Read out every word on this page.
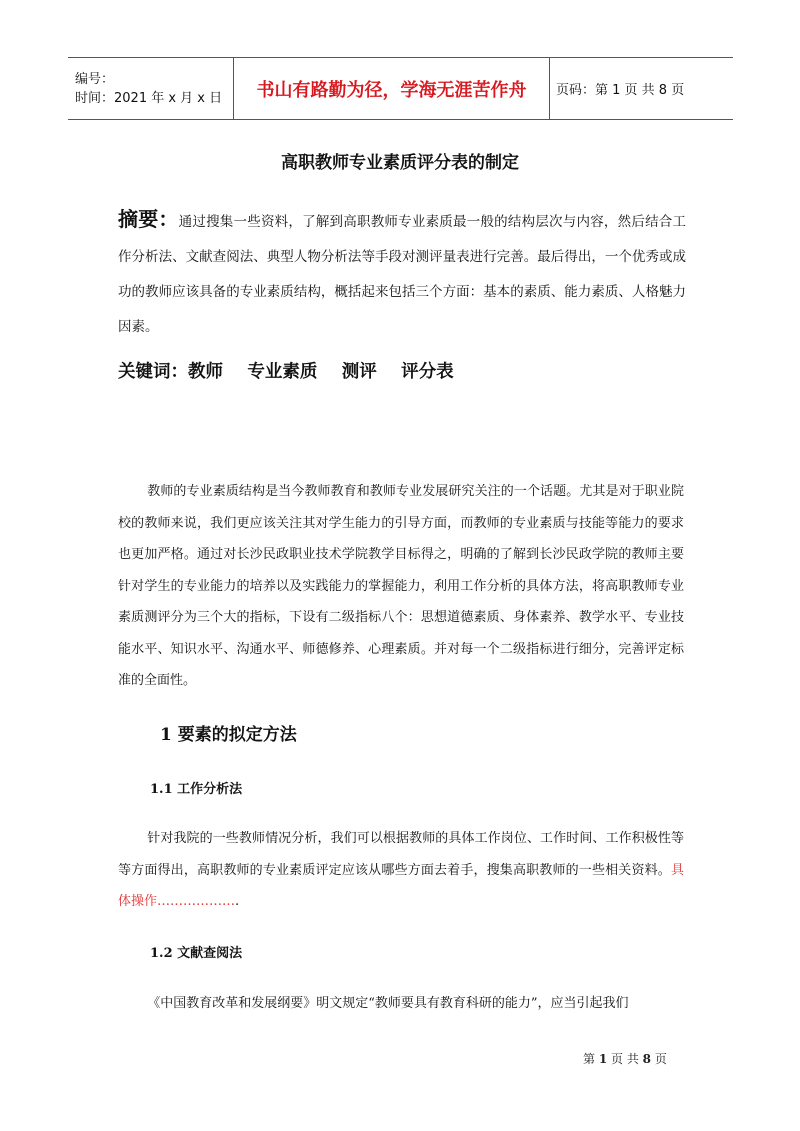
编号：
时间：2021 年 x 月 x 日	书山有路勤为径，学海无涯苦作舟 页码：第 1 页 共 8 页
高职教师专业素质评分表的制定
摘要：通过搜集一些资料，了解到高职教师专业素质最一般的结构层次与内容，然后结合工作分析法、文献查阅法、典型人物分析法等手段对测评量表进行完善。最后得出，一个优秀或成功的教师应该具备的专业素质结构，概括起来包括三个方面：基本的素质、能力素质、人格魅力因素。
关键词：教师    专业素质    测评    评分表
教师的专业素质结构是当今教师教育和教师专业发展研究关注的一个话题。尤其是对于职业院校的教师来说，我们更应该关注其对学生能力的引导方面，而教师的专业素质与技能等能力的要求也更加严格。通过对长沙民政职业技术学院教学目标得之，明确的了解到长沙民政学院的教师主要针对学生的专业能力的培养以及实践能力的掌握能力，利用工作分析的具体方法，将高职教师专业素质测评分为三个大的指标，下设有二级指标八个：思想道德素质、身体素养、教学水平、专业技能水平、知识水平、沟通水平、师德修养、心理素质。并对每一个二级指标进行细分，完善评定标准的全面性。
1 要素的拟定方法
1.1 工作分析法
针对我院的一些教师情况分析，我们可以根据教师的具体工作岗位、工作时间、工作积极性等等方面得出，高职教师的专业素质评定应该从哪些方面去着手，搜集高职教师的一些相关资料。具体操作……………….
1.2 文献查阅法
《中国教育改革和发展纲要》明文规定“教师要具有教育科研的能力”，应当引起我们
第 1 页 共 8 页
